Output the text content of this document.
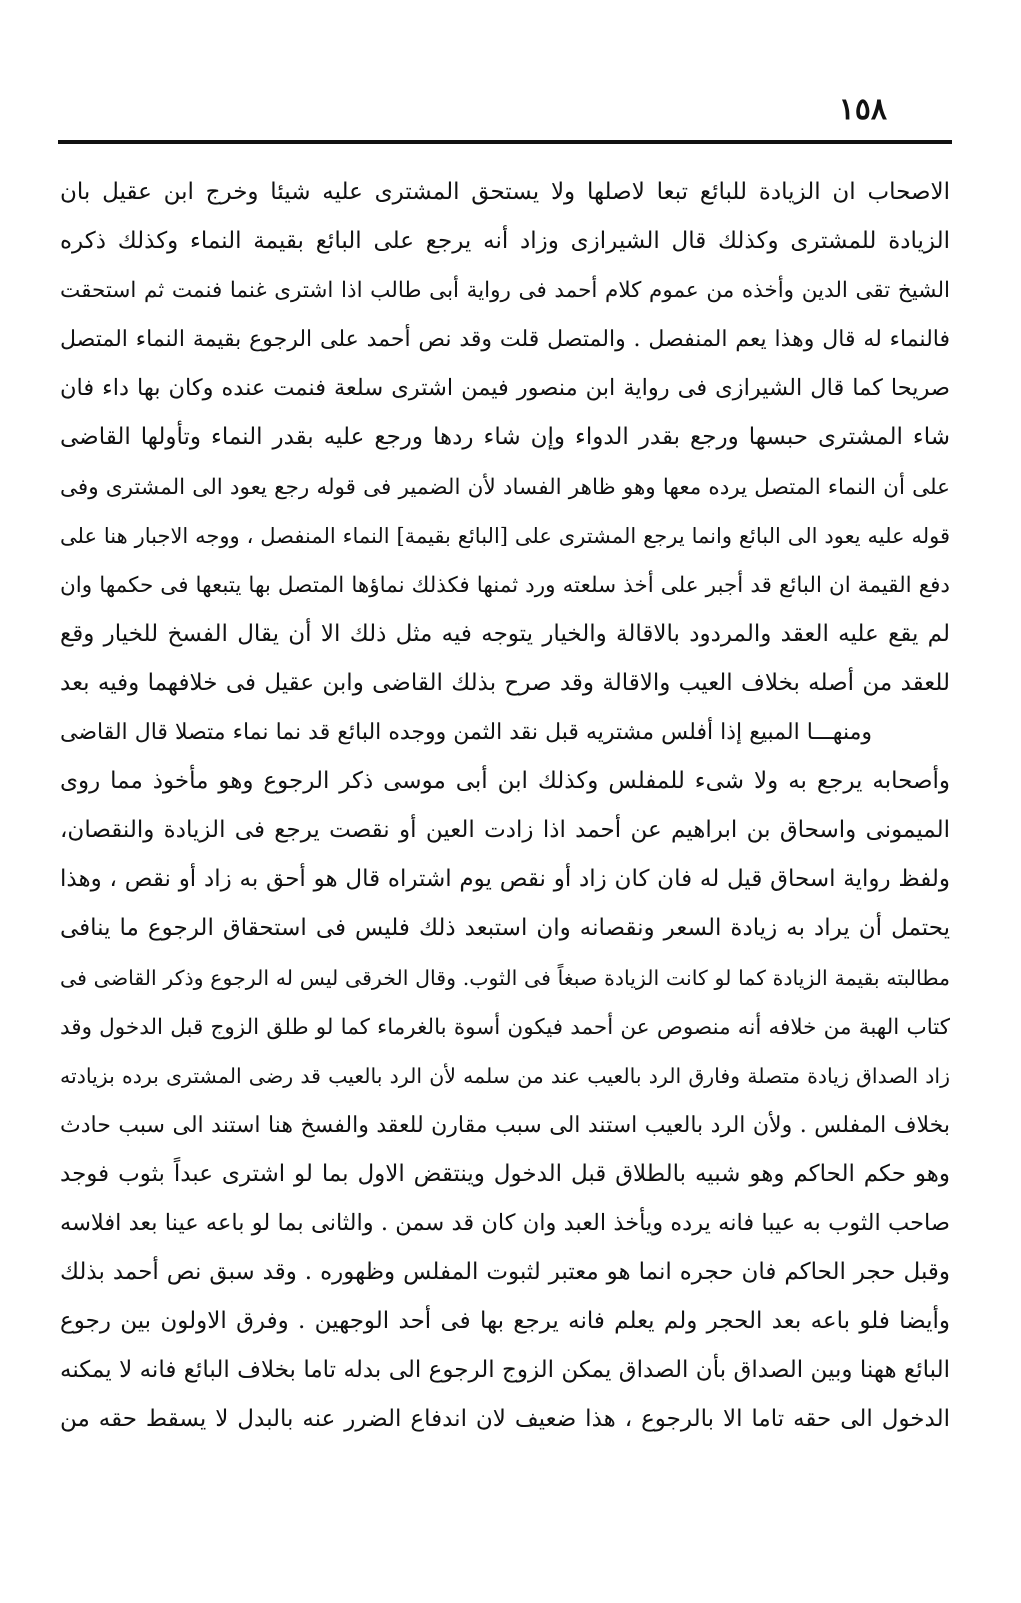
١٥٨
الاصحاب ان الزيادة للبائع تبعا لاصلها ولا يستحق المشترى عليه شيئا وخرج ابن عقيل بان
الزيادة للمشترى وكذلك قال الشيرازى وزاد أنه يرجع على البائع بقيمة النماء وكذلك ذكره
الشيخ تقى الدين وأخذه من عموم كلام أحمد فى رواية أبى طالب اذا اشترى غنما فنمت ثم استحقت
فالنماء له قال وهذا يعم المنفصل . والمتصل قلت وقد نص أحمد على الرجوع بقيمة النماء المتصل
صريحا كما قال الشيرازى فى رواية ابن منصور فيمن اشترى سلعة فنمت عنده وكان بها داء فان
شاء المشترى حبسها ورجع بقدر الدواء وإن شاء ردها ورجع عليه بقدر النماء وتأولها القاضى
على أن النماء المتصل يرده معها وهو ظاهر الفساد لأن الضمير فى قوله رجع يعود الى المشترى وفى
قوله عليه يعود الى البائع وانما يرجع المشترى على [البائع بقيمة] النماء المنفصل ، ووجه الاجبار هنا على
دفع القيمة ان البائع قد أجبر على أخذ سلعته ورد ثمنها فكذلك نماؤها المتصل بها يتبعها فى حكمها وان
لم يقع عليه العقد والمردود بالاقالة والخيار يتوجه فيه مثل ذلك الا أن يقال الفسخ للخيار وقع
للعقد من أصله بخلاف العيب والاقالة وقد صرح بذلك القاضى وابن عقيل فى خلافهما وفيه بعد
ومنهـــا المبيع إذا أفلس مشتريه قبل نقد الثمن ووجده البائع قد نما نماء متصلا قال القاضى
وأصحابه يرجع به ولا شىء للمفلس وكذلك ابن أبى موسى ذكر الرجوع وهو مأخوذ مما روى
الميمونى واسحاق بن ابراهيم عن أحمد اذا زادت العين أو نقصت يرجع فى الزيادة والنقصان،
ولفظ رواية اسحاق قيل له فان كان زاد أو نقص يوم اشتراه قال هو أحق به زاد أو نقص ، وهذا
يحتمل أن يراد به زيادة السعر ونقصانه وان استبعد ذلك فليس فى استحقاق الرجوع ما ينافى
مطالبته بقيمة الزيادة كما لو كانت الزيادة صبغاً فى الثوب. وقال الخرقى ليس له الرجوع وذكر القاضى فى
كتاب الهبة من خلافه أنه منصوص عن أحمد فيكون أسوة بالغرماء كما لو طلق الزوج قبل الدخول وقد
زاد الصداق زيادة متصلة وفارق الرد بالعيب عند من سلمه لأن الرد بالعيب قد رضى المشترى برده بزيادته
بخلاف المفلس . ولأن الرد بالعيب استند الى سبب مقارن للعقد والفسخ هنا استند الى سبب حادث
وهو حكم الحاكم وهو شبيه بالطلاق قبل الدخول وينتقض الاول بما لو اشترى عبداً بثوب فوجد
صاحب الثوب به عيبا فانه يرده ويأخذ العبد وان كان قد سمن . والثانى بما لو باعه عينا بعد افلاسه
وقبل حجر الحاكم فان حجره انما هو معتبر لثبوت المفلس وظهوره . وقد سبق نص أحمد بذلك
وأيضا فلو باعه بعد الحجر ولم يعلم فانه يرجع بها فى أحد الوجهين . وفرق الاولون بين رجوع
البائع ههنا وبين الصداق بأن الصداق يمكن الزوج الرجوع الى بدله تاما بخلاف البائع فانه لا يمكنه
الدخول الى حقه تاما الا بالرجوع ، هذا ضعيف لان اندفاع الضرر عنه بالبدل لا يسقط حقه من
